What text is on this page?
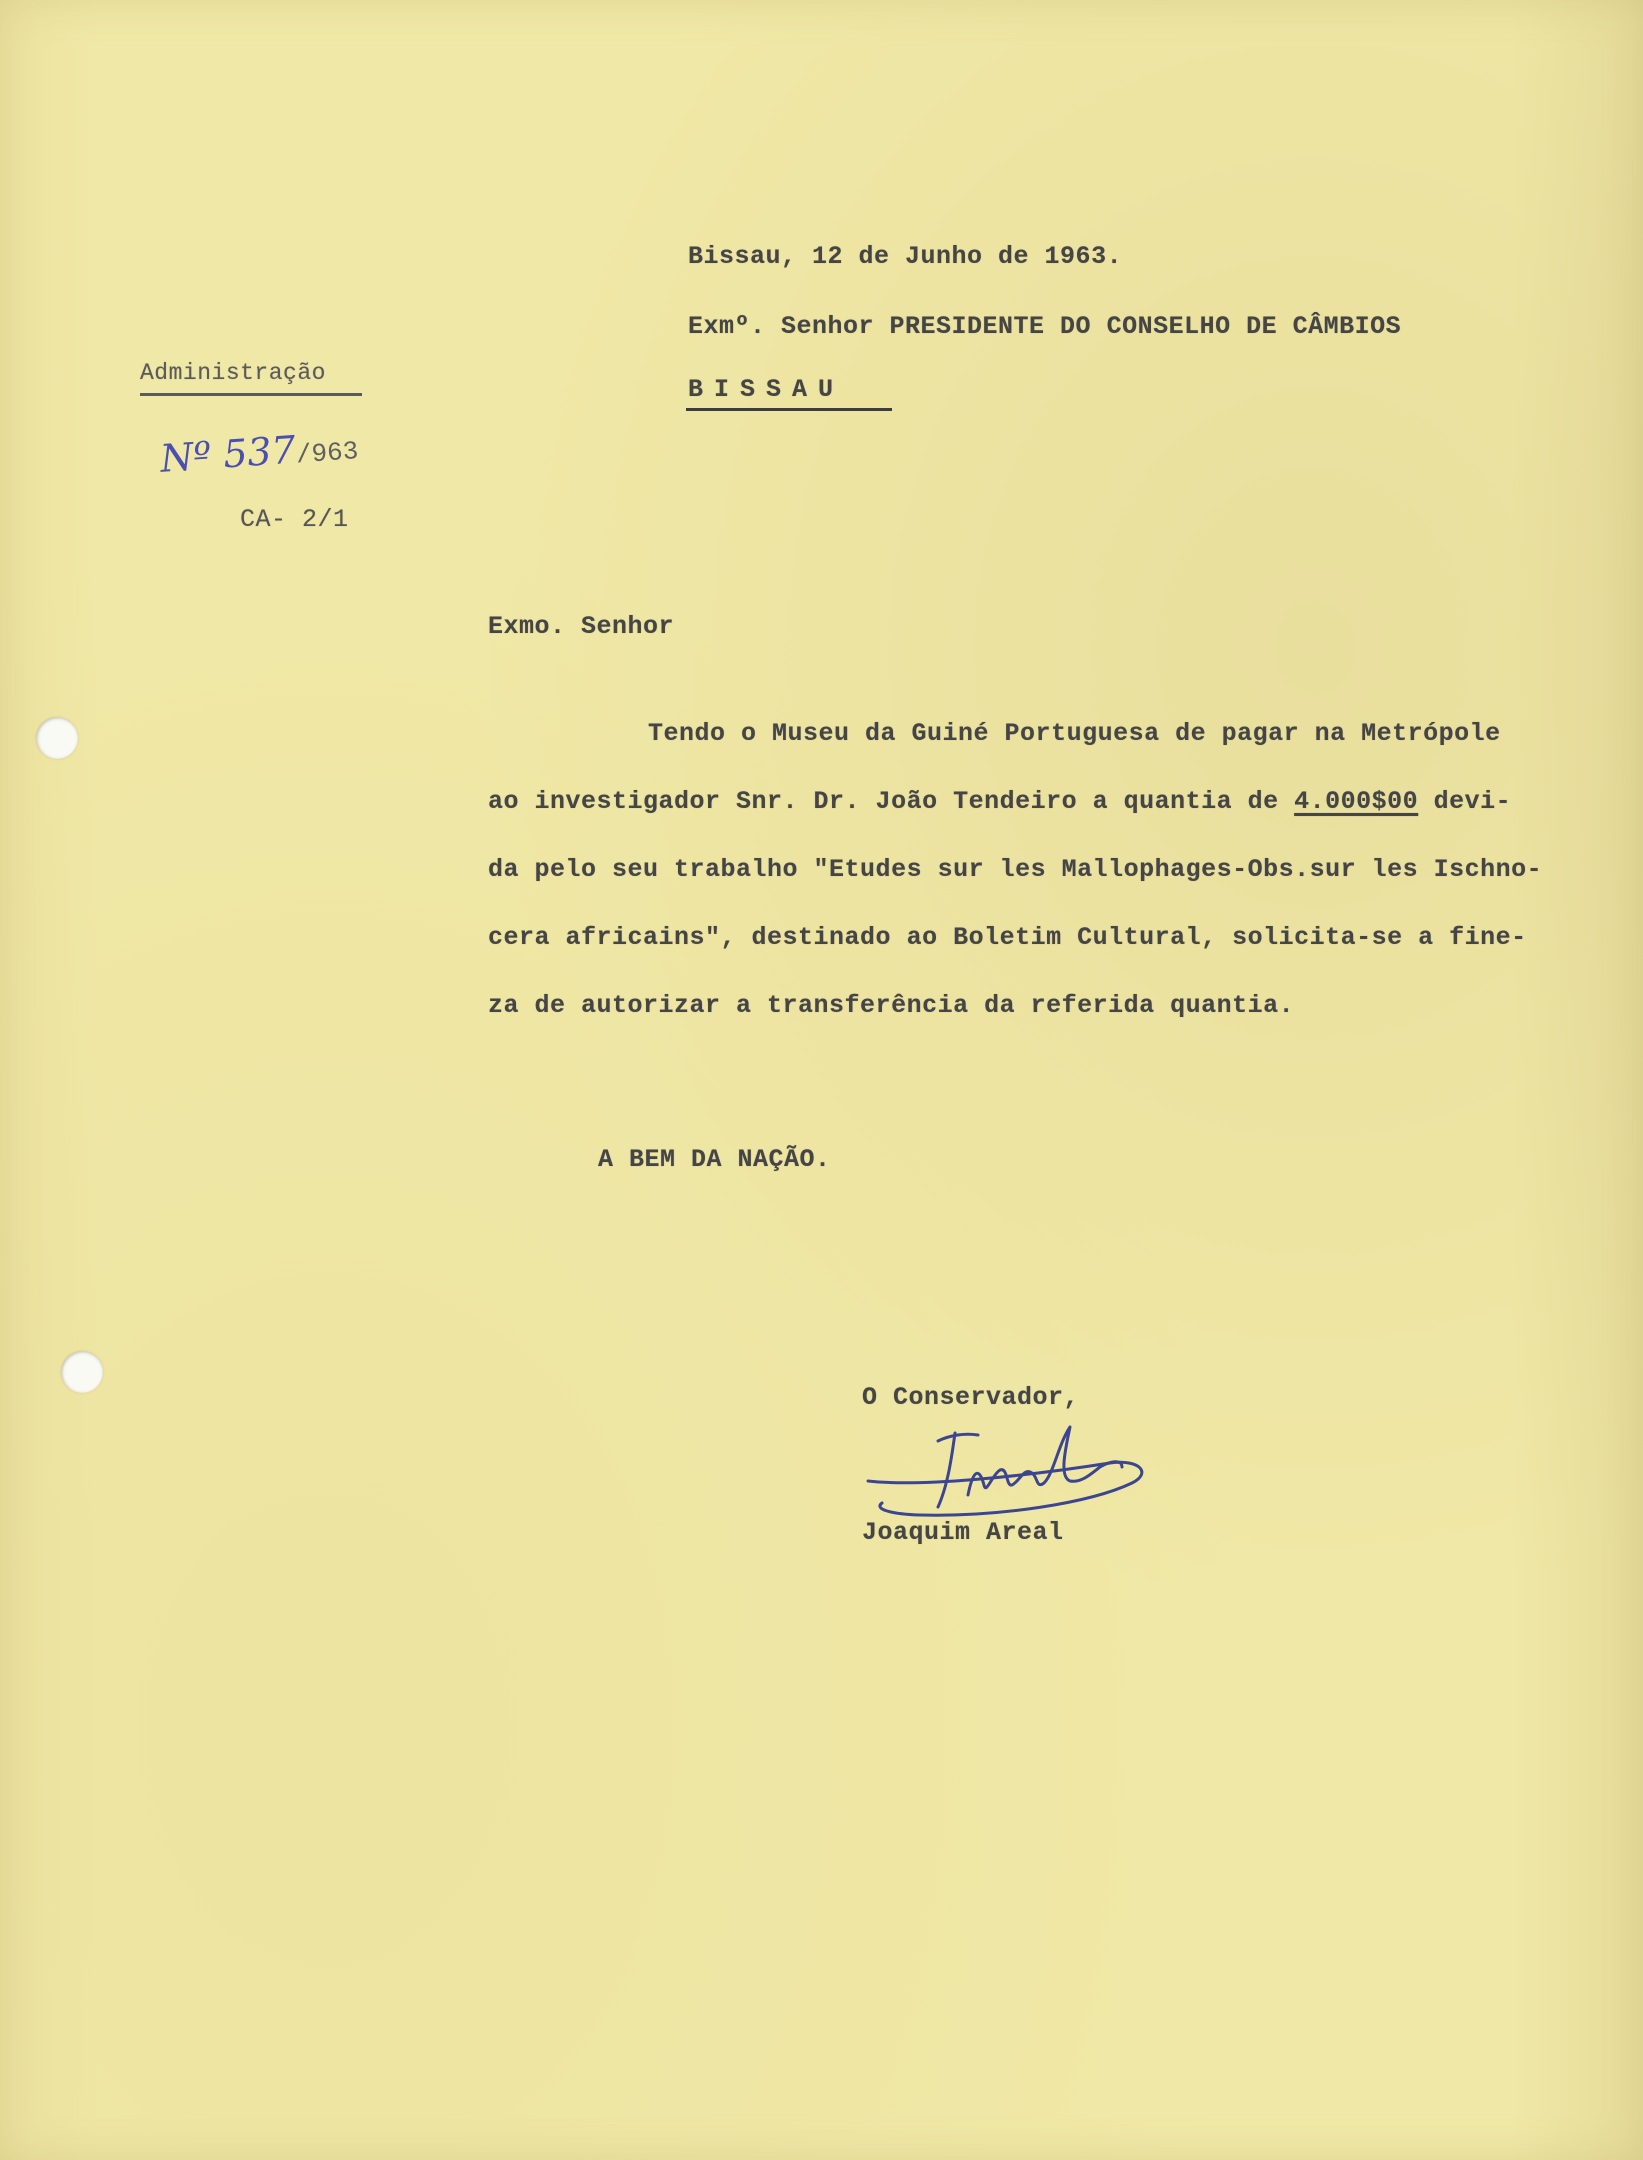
Bissau, 12 de Junho de 1963.
Exmº. Senhor PRESIDENTE DO CONSELHO DE CÂMBIOS
BISSAU
Administração
Nº 537/963
CA- 2/1
Exmo. Senhor
Tendo o Museu da Guiné Portuguesa de pagar na Metrópole
ao investigador Snr. Dr. João Tendeiro a quantia de 4.000$00 devi-
da pelo seu trabalho "Etudes sur les Mallophages-Obs.sur les Ischno-
cera africains", destinado ao Boletim Cultural, solicita-se a fine-
za de autorizar a transferência da referida quantia.
A BEM DA NAÇÃO.
O Conservador,
Joaquim Areal
